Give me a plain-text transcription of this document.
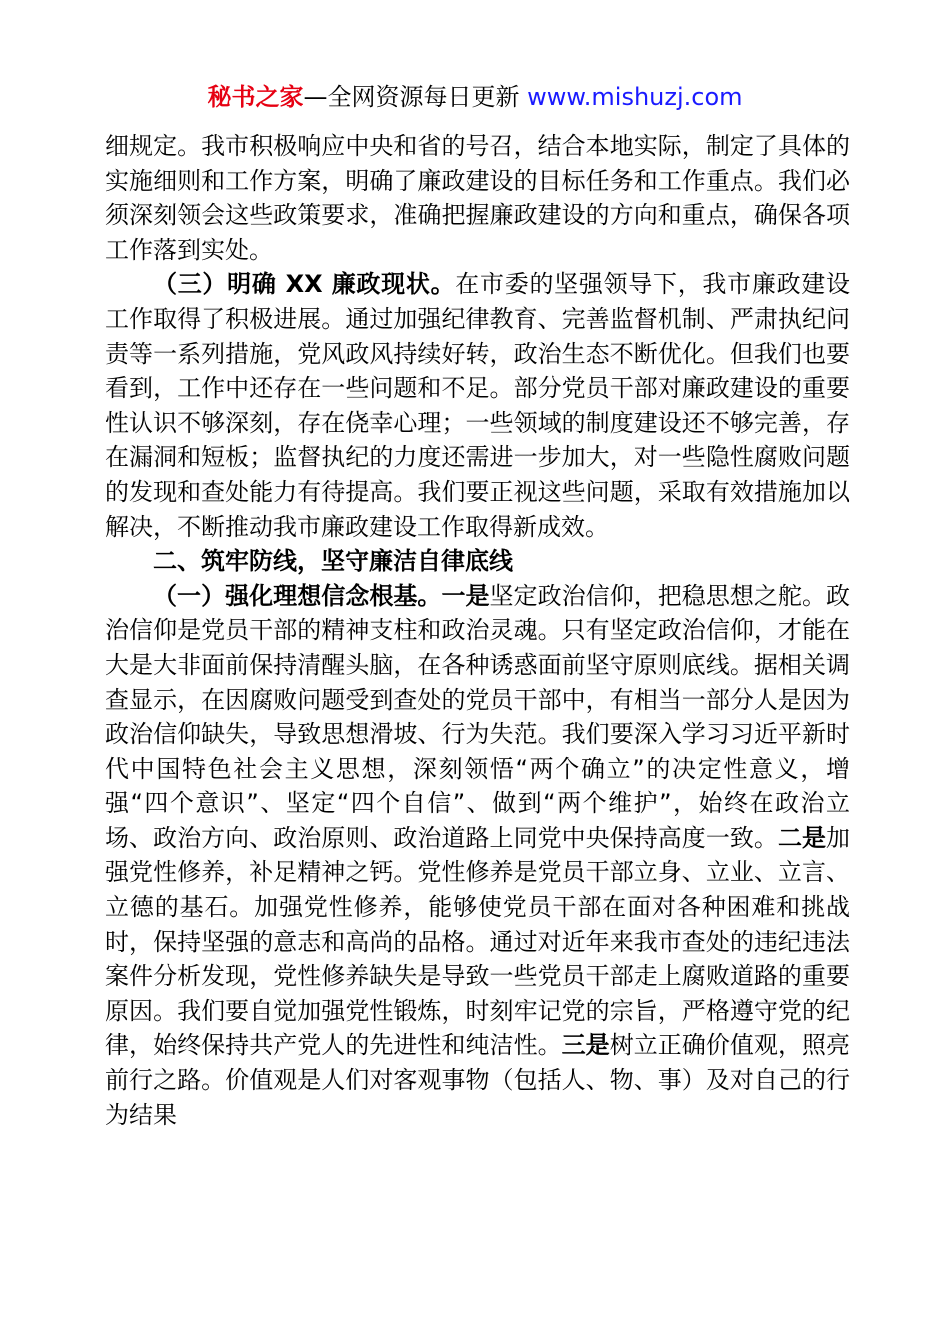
秘书之家—全网资源每日更新 www.mishuzj.com

细规定。我市积极响应中央和省的号召，结合本地实际，制定了具体的实施细则和工作方案，明确了廉政建设的目标任务和工作重点。我们必须深刻领会这些政策要求，准确把握廉政建设的方向和重点，确保各项工作落到实处。

（三）明确 XX 廉政现状。在市委的坚强领导下，我市廉政建设工作取得了积极进展。通过加强纪律教育、完善监督机制、严肃执纪问责等一系列措施，党风政风持续好转，政治生态不断优化。但我们也要看到，工作中还存在一些问题和不足。部分党员干部对廉政建设的重要性认识不够深刻，存在侥幸心理；一些领域的制度建设还不够完善，存在漏洞和短板；监督执纪的力度还需进一步加大，对一些隐性腐败问题的发现和查处能力有待提高。我们要正视这些问题，采取有效措施加以解决，不断推动我市廉政建设工作取得新成效。

二、筑牢防线，坚守廉洁自律底线

（一）强化理想信念根基。一是坚定政治信仰，把稳思想之舵。政治信仰是党员干部的精神支柱和政治灵魂。只有坚定政治信仰，才能在大是大非面前保持清醒头脑，在各种诱惑面前坚守原则底线。据相关调查显示，在因腐败问题受到查处的党员干部中，有相当一部分人是因为政治信仰缺失，导致思想滑坡、行为失范。我们要深入学习习近平新时代中国特色社会主义思想，深刻领悟“两个确立”的决定性意义，增强“四个意识”、坚定“四个自信”、做到“两个维护”，始终在政治立场、政治方向、政治原则、政治道路上同党中央保持高度一致。二是加强党性修养，补足精神之钙。党性修养是党员干部立身、立业、立言、立德的基石。加强党性修养，能够使党员干部在面对各种困难和挑战时，保持坚强的意志和高尚的品格。通过对近年来我市查处的违纪违法案件分析发现，党性修养缺失是导致一些党员干部走上腐败道路的重要原因。我们要自觉加强党性锻炼，时刻牢记党的宗旨，严格遵守党的纪律，始终保持共产党人的先进性和纯洁性。三是树立正确价值观，照亮前行之路。价值观是人们对客观事物（包括人、物、事）及对自己的行为结果
